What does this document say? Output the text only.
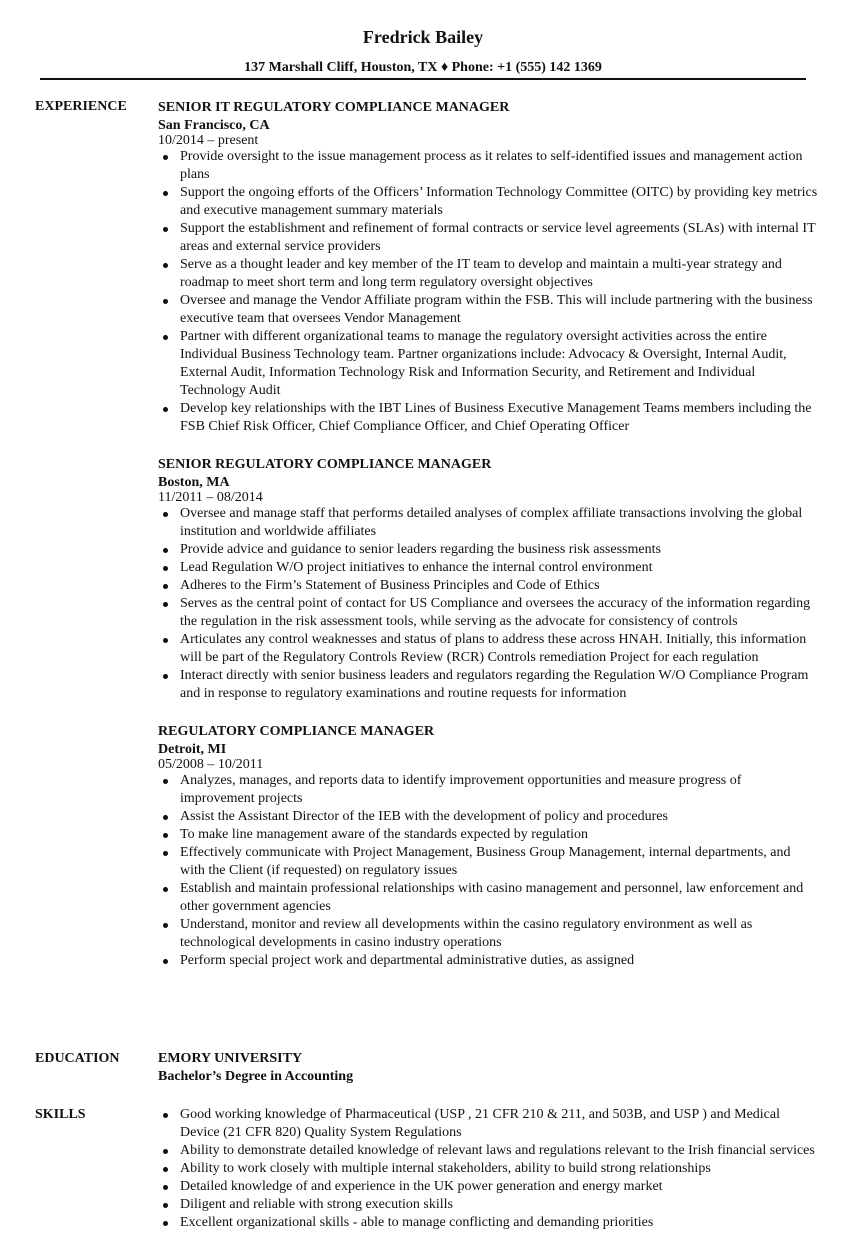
Fredrick Bailey
137 Marshall Cliff, Houston, TX ♦ Phone: +1 (555) 142 1369
EXPERIENCE SENIOR IT REGULATORY COMPLIANCE MANAGER
San Francisco, CA
10/2014 – present
Provide oversight to the issue management process as it relates to self-identified issues and management action plans
Support the ongoing efforts of the Officers’ Information Technology Committee (OITC) by providing key metrics and executive management summary materials
Support the establishment and refinement of formal contracts or service level agreements (SLAs) with internal IT areas and external service providers
Serve as a thought leader and key member of the IT team to develop and maintain a multi-year strategy and roadmap to meet short term and long term regulatory oversight objectives
Oversee and manage the Vendor Affiliate program within the FSB. This will include partnering with the business executive team that oversees Vendor Management
Partner with different organizational teams to manage the regulatory oversight activities across the entire Individual Business Technology team. Partner organizations include: Advocacy & Oversight, Internal Audit, External Audit, Information Technology Risk and Information Security, and Retirement and Individual Technology Audit
Develop key relationships with the IBT Lines of Business Executive Management Teams members including the FSB Chief Risk Officer, Chief Compliance Officer, and Chief Operating Officer
SENIOR REGULATORY COMPLIANCE MANAGER
Boston, MA
11/2011 – 08/2014
Oversee and manage staff that performs detailed analyses of complex affiliate transactions involving the global institution and worldwide affiliates
Provide advice and guidance to senior leaders regarding the business risk assessments
Lead Regulation W/O project initiatives to enhance the internal control environment
Adheres to the Firm’s Statement of Business Principles and Code of Ethics
Serves as the central point of contact for US Compliance and oversees the accuracy of the information regarding the regulation in the risk assessment tools, while serving as the advocate for consistency of controls
Articulates any control weaknesses and status of plans to address these across HNAH. Initially, this information will be part of the Regulatory Controls Review (RCR) Controls remediation Project for each regulation
Interact directly with senior business leaders and regulators regarding the Regulation W/O Compliance Program and in response to regulatory examinations and routine requests for information
REGULATORY COMPLIANCE MANAGER
Detroit, MI
05/2008 – 10/2011
Analyzes, manages, and reports data to identify improvement opportunities and measure progress of improvement projects
Assist the Assistant Director of the IEB with the development of policy and procedures
To make line management aware of the standards expected by regulation
Effectively communicate with Project Management, Business Group Management, internal departments, and with the Client (if requested) on regulatory issues
Establish and maintain professional relationships with casino management and personnel, law enforcement and other government agencies
Understand, monitor and review all developments within the casino regulatory environment as well as technological developments in casino industry operations
Perform special project work and departmental administrative duties, as assigned
EDUCATION	EMORY UNIVERSITY
Bachelor’s Degree in Accounting
SKILLS	Good working knowledge of Pharmaceutical (USP , 21 CFR 210 & 211, and 503B, and USP ) and Medical Device (21 CFR 820) Quality System Regulations
Ability to demonstrate detailed knowledge of relevant laws and regulations relevant to the Irish financial services
Ability to work closely with multiple internal stakeholders, ability to build strong relationships
Detailed knowledge of and experience in the UK power generation and energy market
Diligent and reliable with strong execution skills
Excellent organizational skills - able to manage conflicting and demanding priorities
